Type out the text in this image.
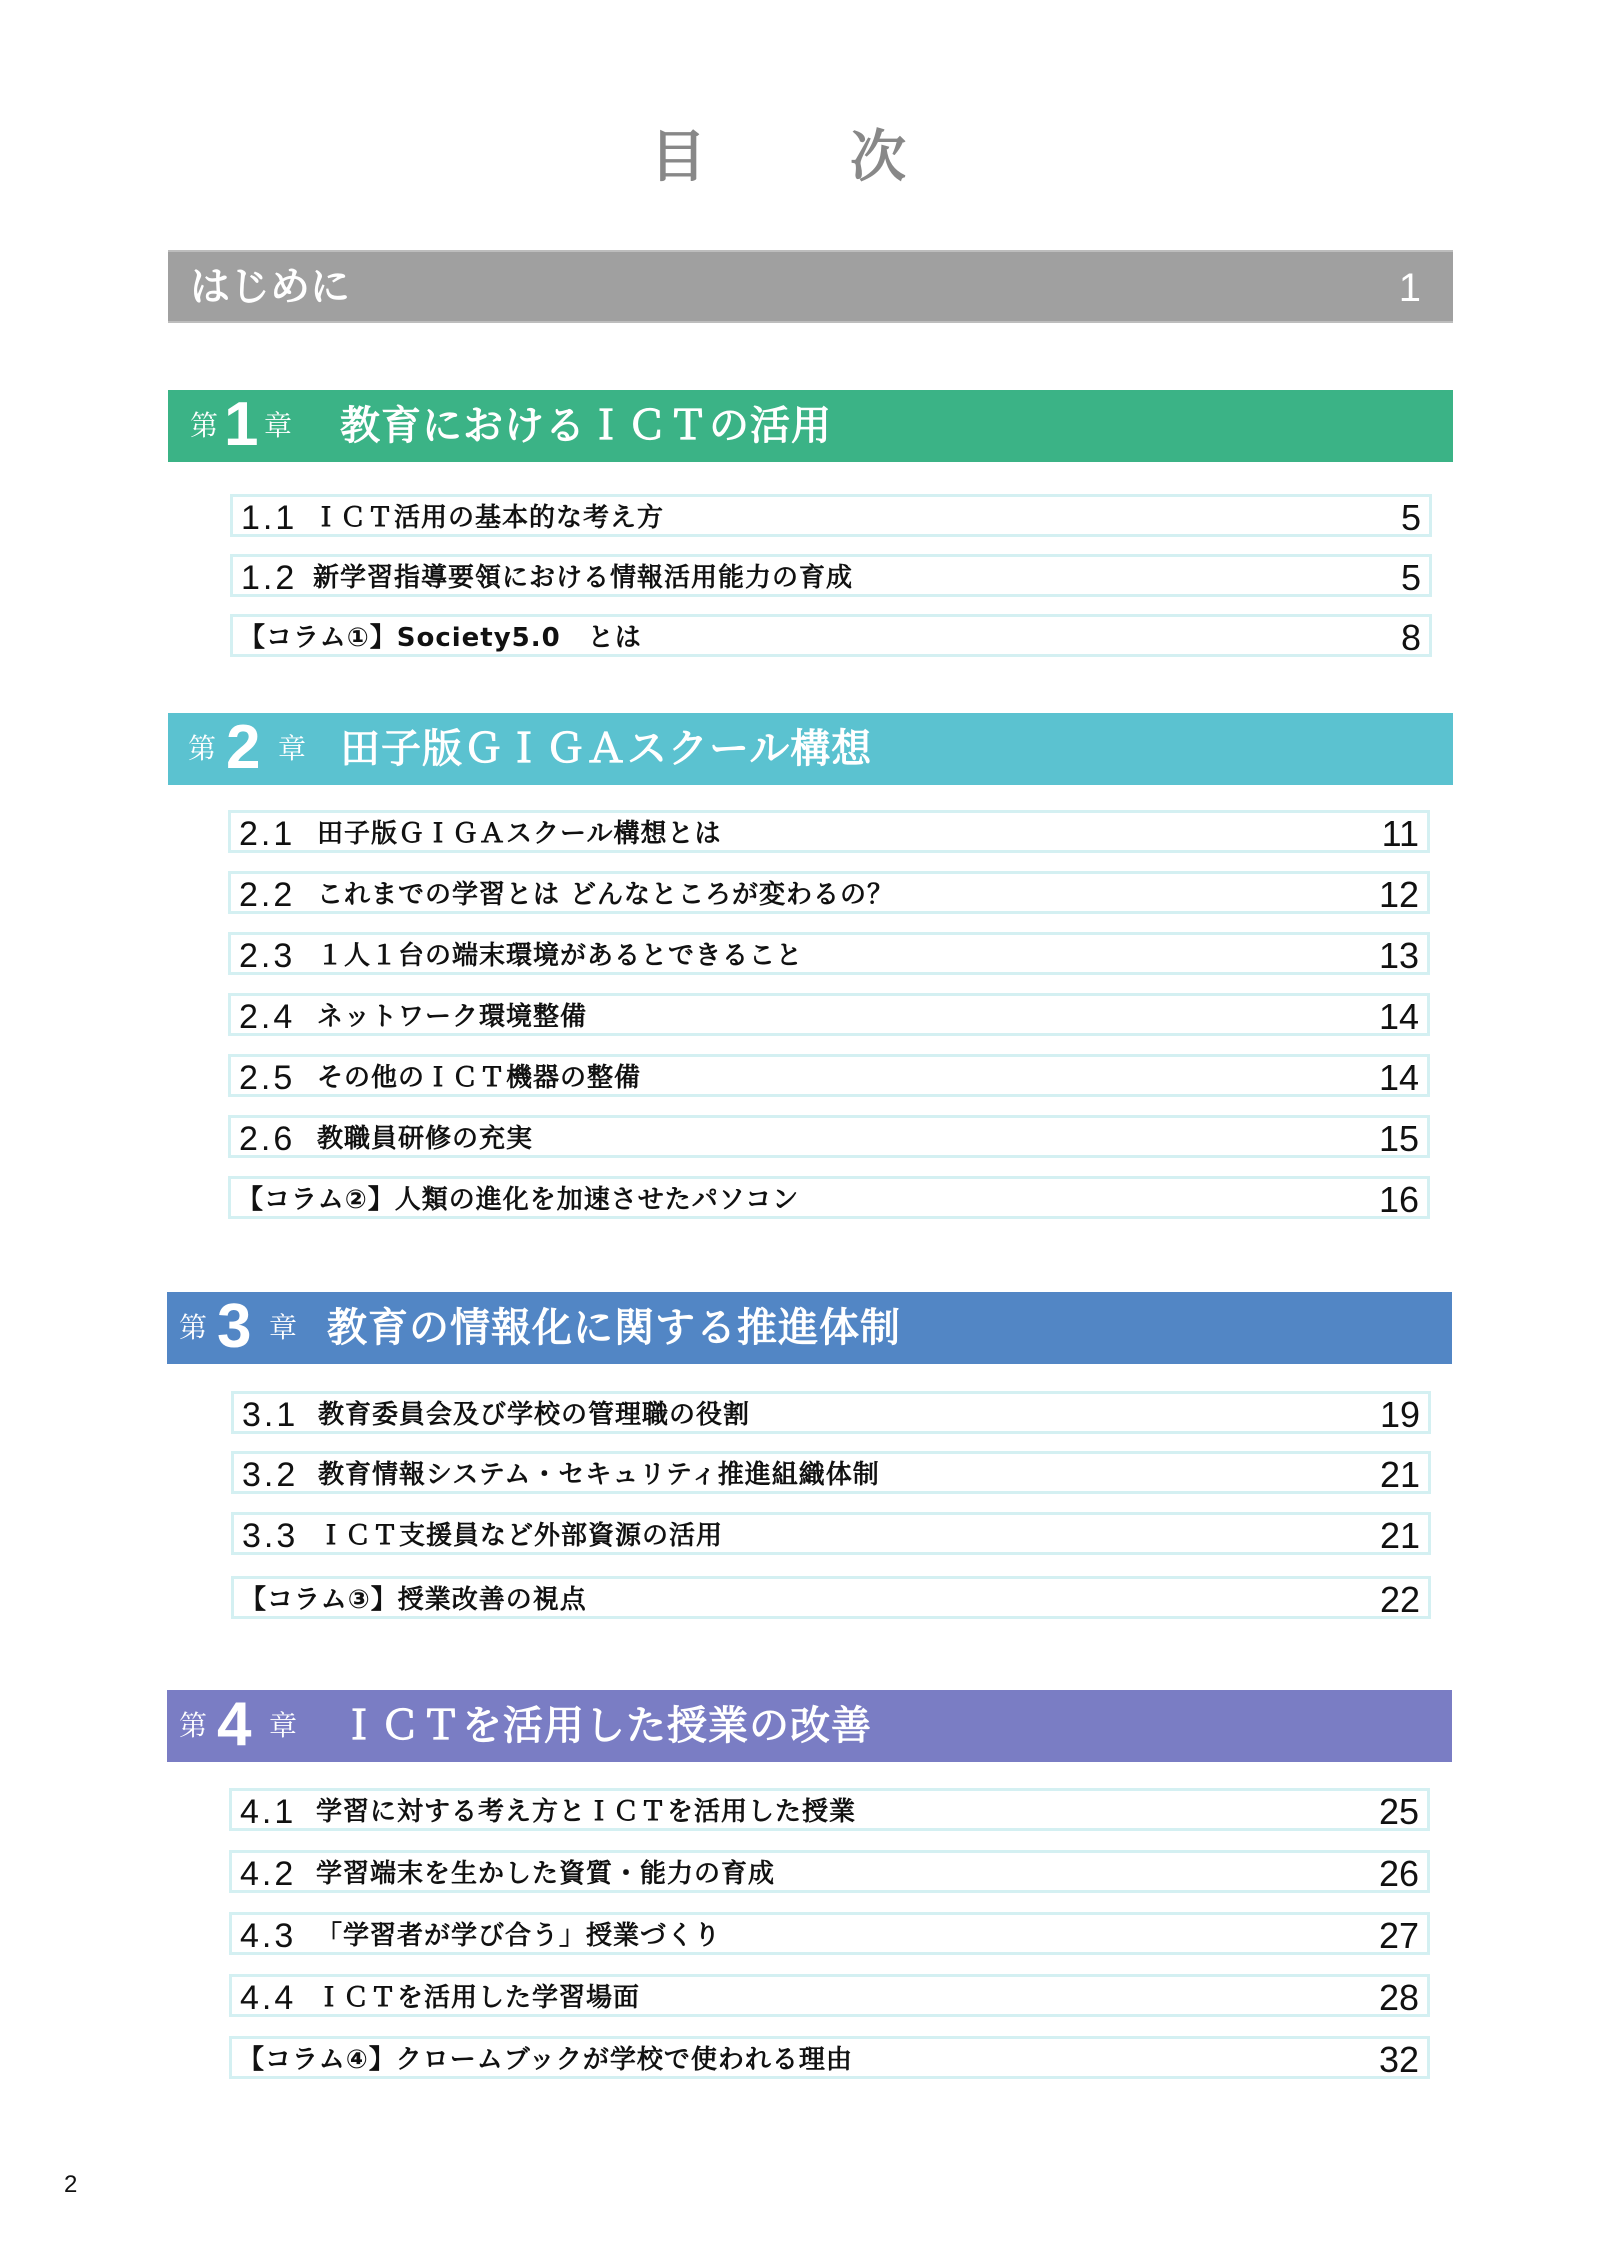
目　次
はじめに	1
第 1 章 教育におけるＩＣＴの活用
1.1 ＩＣＴ活用の基本的な考え方	5
1.2 新学習指導要領における情報活用能力の育成	5
【コラム①】Society5.0　とは	8
第 2 章 田子版ＧＩＧＡスクール構想
2.1 田子版ＧＩＧＡスクール構想とは	11
2.2 これまでの学習とは どんなところが変わるの？	12
2.3 １人１台の端末環境があるとできること	13
2.4 ネットワーク環境整備	14
2.5 その他のＩＣＴ機器の整備	14
2.6 教職員研修の充実	15
【コラム②】人類の進化を加速させたパソコン	16
第 3 章 教育の情報化に関する推進体制
3.1 教育委員会及び学校の管理職の役割	19
3.2 教育情報システム・セキュリティ推進組織体制	21
3.3 ＩＣＴ支援員など外部資源の活用	21
【コラム③】授業改善の視点	22
第 4 章 ＩＣＴを活用した授業の改善
4.1 学習に対する考え方とＩＣＴを活用した授業	25
4.2 学習端末を生かした資質・能力の育成	26
4.3 「学習者が学び合う」授業づくり	27
4.4 ＩＣＴを活用した学習場面	28
【コラム④】クロームブックが学校で使われる理由	32
2
